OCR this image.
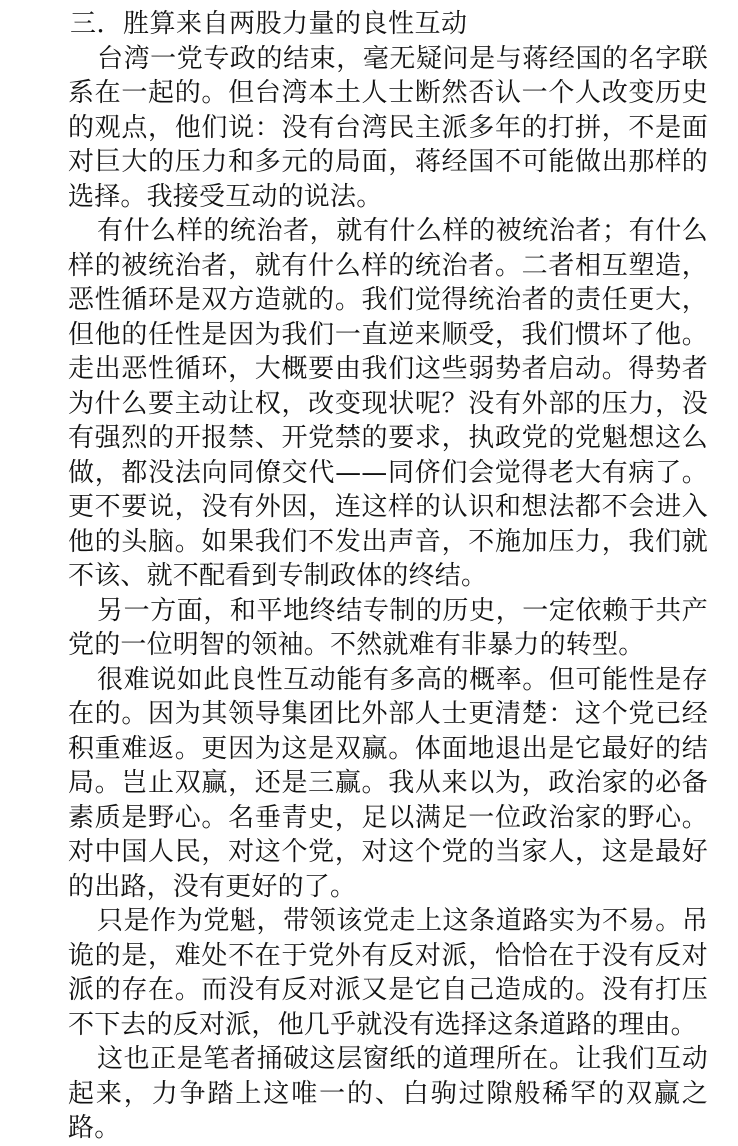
三．胜算来自两股力量的良性互动

台湾一党专政的结束，毫无疑问是与蒋经国的名字联系在一起的。但台湾本土人士断然否认一个人改变历史的观点，他们说：没有台湾民主派多年的打拼，不是面对巨大的压力和多元的局面，蒋经国不可能做出那样的选择。我接受互动的说法。

有什么样的统治者，就有什么样的被统治者；有什么样的被统治者，就有什么样的统治者。二者相互塑造，恶性循环是双方造就的。我们觉得统治者的责任更大，但他的任性是因为我们一直逆来顺受，我们惯坏了他。走出恶性循环，大概要由我们这些弱势者启动。得势者为什么要主动让权，改变现状呢？没有外部的压力，没有强烈的开报禁、开党禁的要求，执政党的党魁想这么做，都没法向同僚交代——同侪们会觉得老大有病了。更不要说，没有外因，连这样的认识和想法都不会进入他的头脑。如果我们不发出声音，不施加压力，我们就不该、就不配看到专制政体的终结。

另一方面，和平地终结专制的历史，一定依赖于共产党的一位明智的领袖。不然就难有非暴力的转型。

很难说如此良性互动能有多高的概率。但可能性是存在的。因为其领导集团比外部人士更清楚：这个党已经积重难返。更因为这是双赢。体面地退出是它最好的结局。岂止双赢，还是三赢。我从来以为，政治家的必备素质是野心。名垂青史，足以满足一位政治家的野心。对中国人民，对这个党，对这个党的当家人，这是最好的出路，没有更好的了。

只是作为党魁，带领该党走上这条道路实为不易。吊诡的是，难处不在于党外有反对派，恰恰在于没有反对派的存在。而没有反对派又是它自己造成的。没有打压不下去的反对派，他几乎就没有选择这条道路的理由。

这也正是笔者捅破这层窗纸的道理所在。让我们互动起来，力争踏上这唯一的、白驹过隙般稀罕的双赢之路。
